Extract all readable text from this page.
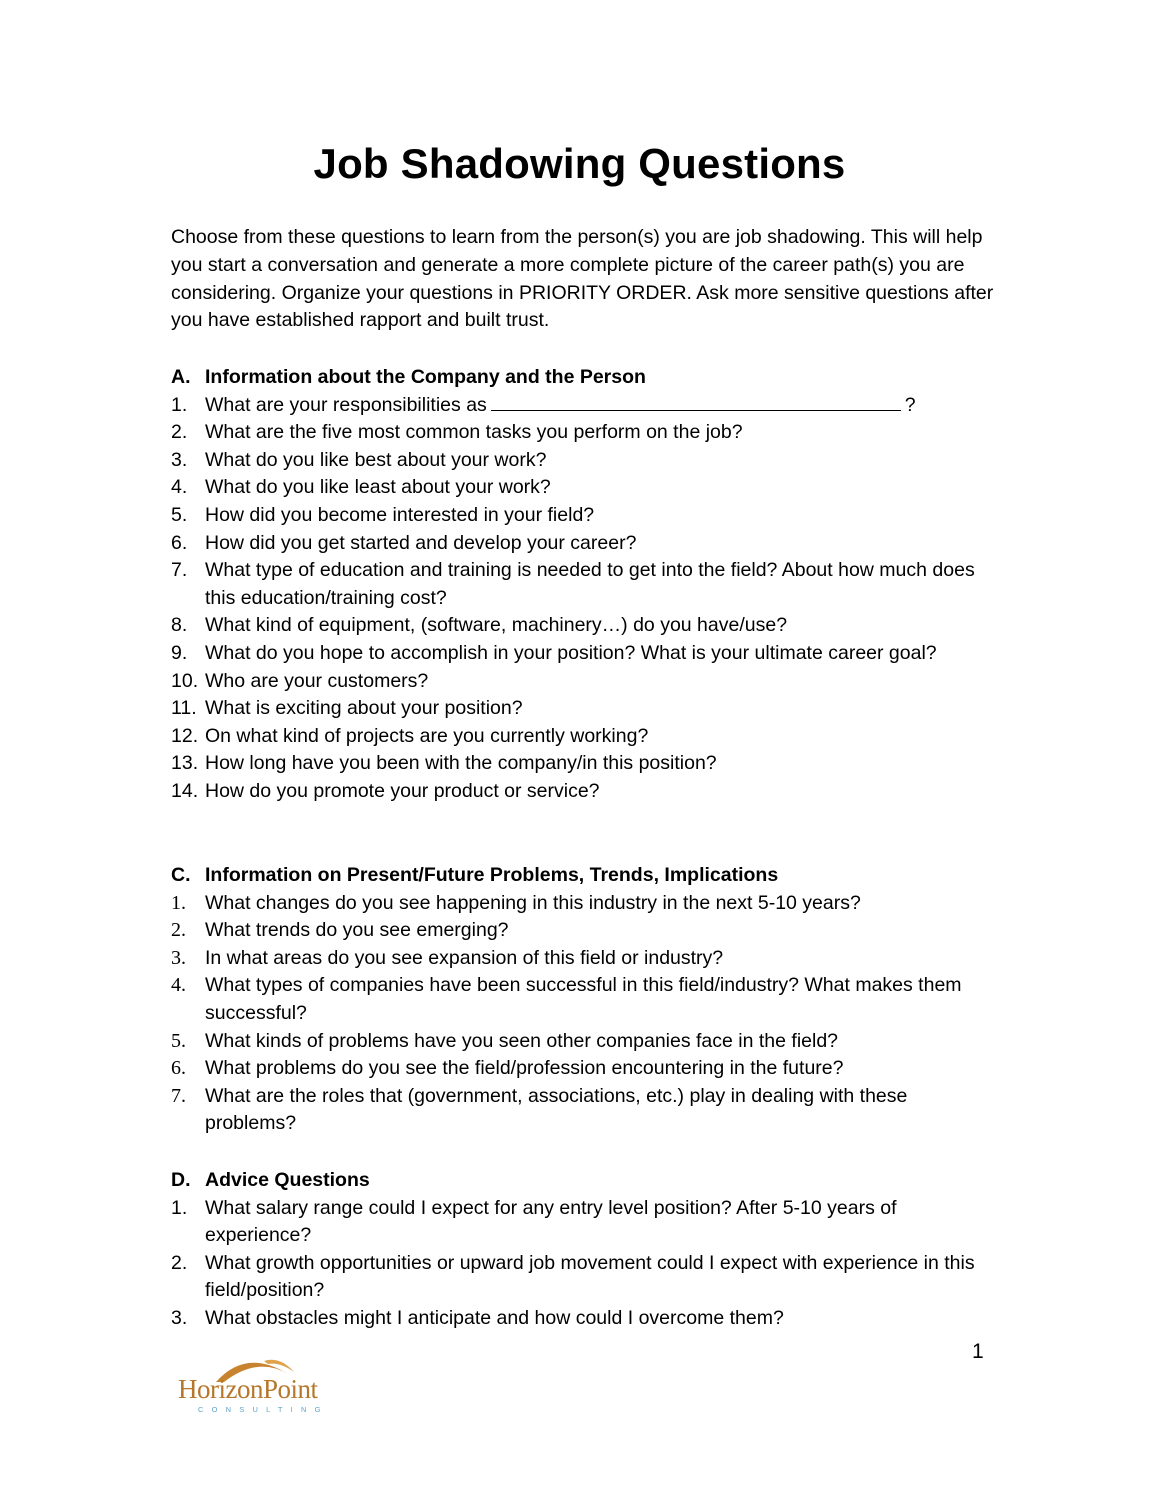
Job Shadowing Questions

Choose from these questions to learn from the person(s) you are job shadowing. This will help you start a conversation and generate a more complete picture of the career path(s) you are considering. Organize your questions in PRIORITY ORDER. Ask more sensitive questions after you have established rapport and built trust.

A. Information about the Company and the Person
1. What are your responsibilities as	?
2. What are the five most common tasks you perform on the job?
3. What do you like best about your work?
4. What do you like least about your work?
5. How did you become interested in your field?
6. How did you get started and develop your career?
7. What type of education and training is needed to get into the field? About how much does this education/training cost?
8. What kind of equipment, (software, machinery…) do you have/use?
9. What do you hope to accomplish in your position? What is your ultimate career goal?
10. Who are your customers?
11. What is exciting about your position?
12. On what kind of projects are you currently working?
13. How long have you been with the company/in this position?
14. How do you promote your product or service?
C. Information on Present/Future Problems, Trends, Implications
1. What changes do you see happening in this industry in the next 5-10 years?
2. What trends do you see emerging?
3. In what areas do you see expansion of this field or industry?
4. What types of companies have been successful in this field/industry? What makes them successful?
5. What kinds of problems have you seen other companies face in the field?
6. What problems do you see the field/profession encountering in the future?
7. What are the roles that (government, associations, etc.) play in dealing with these problems?
D. Advice Questions
1. What salary range could I expect for any entry level position? After 5-10 years of experience?
2. What growth opportunities or upward job movement could I expect with experience in this field/position?
3. What obstacles might I anticipate and how could I overcome them?
1
HorizonPoint
CONSULTING
